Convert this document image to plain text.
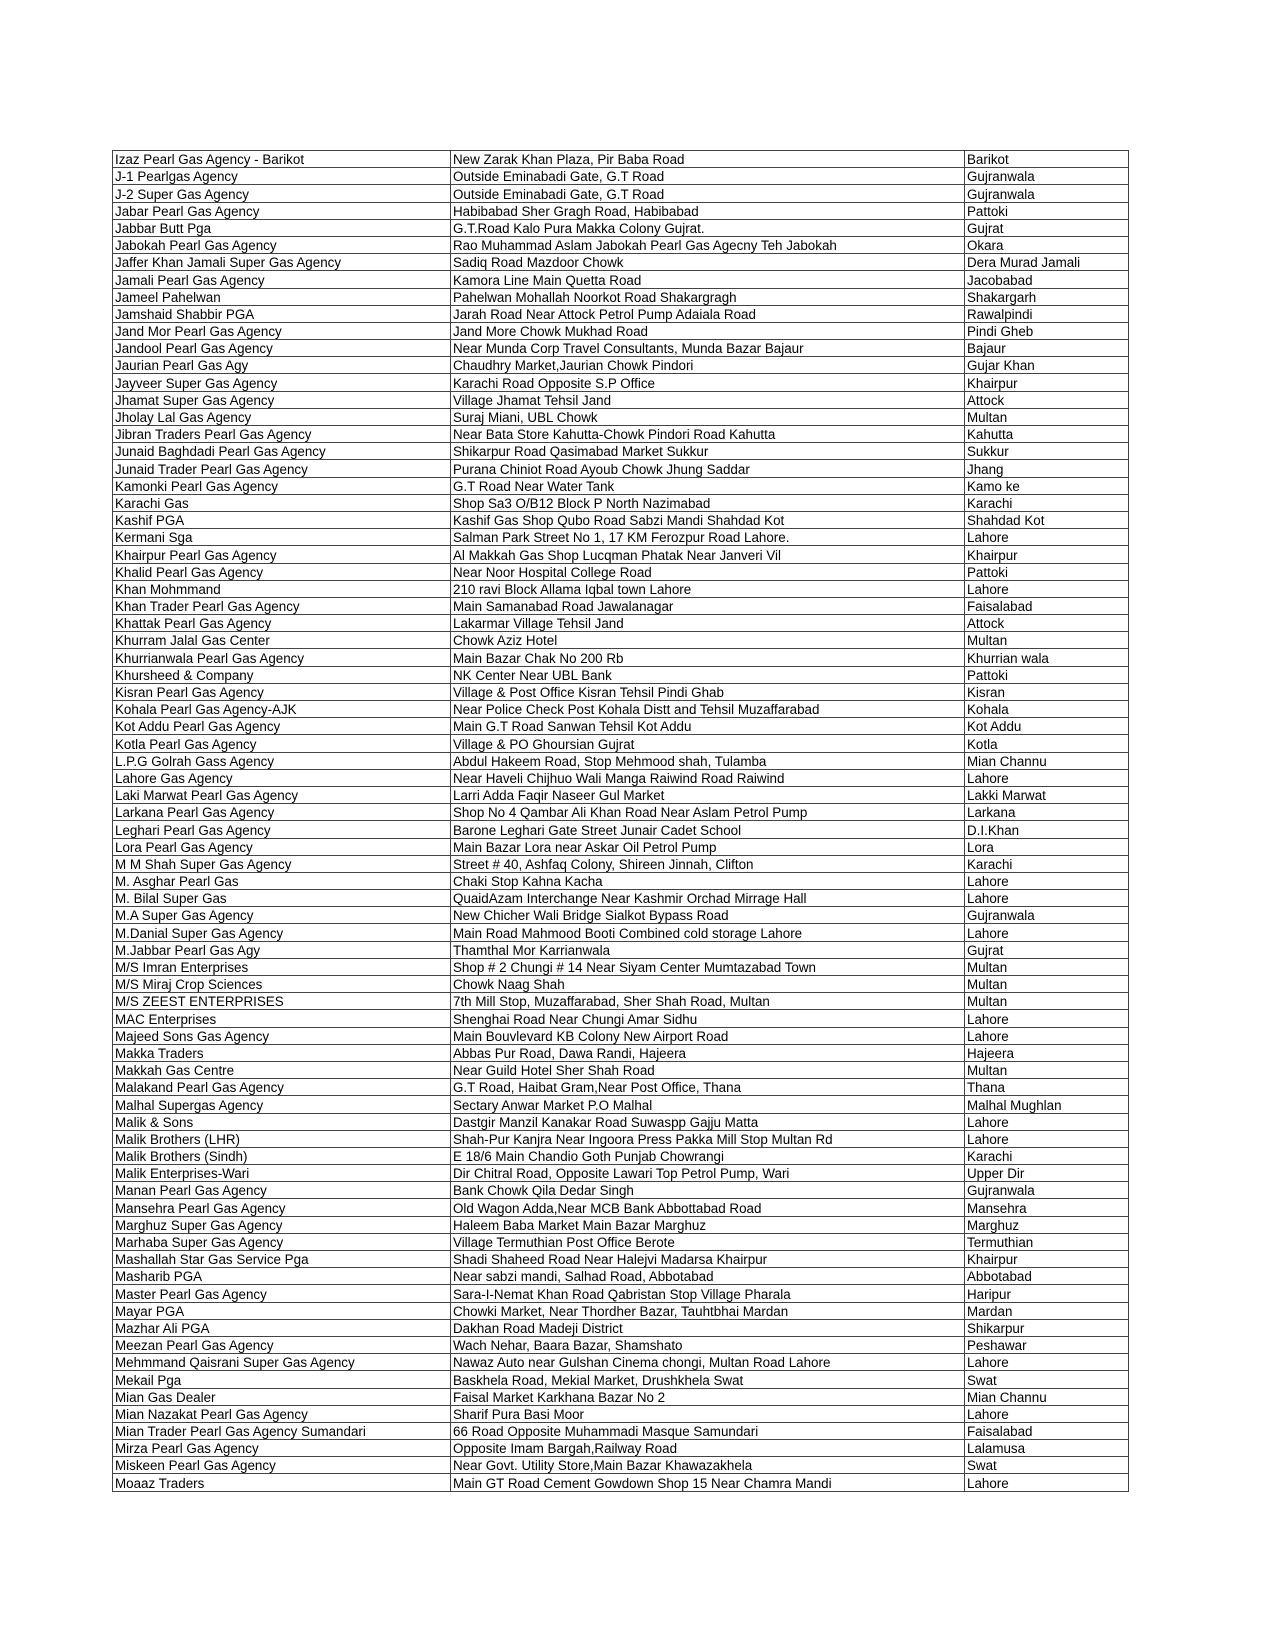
Izaz Pearl Gas Agency - Barikot	New Zarak Khan Plaza, Pir Baba Road	Barikot
J-1 Pearlgas Agency	Outside Eminabadi Gate, G.T Road	Gujranwala
J-2 Super Gas Agency	Outside Eminabadi Gate, G.T Road	Gujranwala
Jabar Pearl Gas Agency	Habibabad Sher Gragh Road, Habibabad	Pattoki
Jabbar Butt Pga	G.T.Road Kalo Pura Makka Colony Gujrat.	Gujrat
Jabokah Pearl Gas Agency	Rao Muhammad Aslam Jabokah Pearl Gas Agecny Teh Jabokah	Okara
Jaffer Khan Jamali Super Gas Agency	Sadiq Road Mazdoor Chowk	Dera Murad Jamali
Jamali Pearl Gas Agency	Kamora Line Main Quetta Road	Jacobabad
Jameel Pahelwan	Pahelwan Mohallah Noorkot Road Shakargragh	Shakargarh
Jamshaid Shabbir PGA	Jarah Road Near Attock Petrol Pump Adaiala Road	Rawalpindi
Jand Mor Pearl Gas Agency	Jand More Chowk Mukhad Road	Pindi Gheb
Jandool Pearl Gas Agency	Near Munda Corp Travel Consultants, Munda Bazar Bajaur	Bajaur
Jaurian Pearl Gas Agy	Chaudhry Market,Jaurian Chowk Pindori	Gujar Khan
Jayveer Super Gas Agency	Karachi Road Opposite S.P Office	Khairpur
Jhamat Super Gas Agency	Village Jhamat Tehsil Jand	Attock
Jholay Lal Gas Agency	Suraj Miani, UBL Chowk	Multan
Jibran Traders Pearl Gas Agency	Near Bata Store Kahutta-Chowk Pindori Road Kahutta	Kahutta
Junaid Baghdadi Pearl Gas Agency	Shikarpur Road Qasimabad Market Sukkur	Sukkur
Junaid Trader Pearl Gas Agency	Purana Chiniot Road Ayoub Chowk Jhung Saddar	Jhang
Kamonki Pearl Gas Agency	G.T Road Near Water Tank	Kamo ke
Karachi Gas	Shop Sa3 O/B12 Block P North Nazimabad	Karachi
Kashif PGA	Kashif Gas Shop Qubo Road Sabzi Mandi Shahdad Kot	Shahdad Kot
Kermani Sga	Salman Park Street No 1, 17 KM Ferozpur Road Lahore.	Lahore
Khairpur Pearl Gas Agency	Al Makkah Gas Shop Lucqman Phatak Near Janveri Vil	Khairpur
Khalid Pearl Gas Agency	Near Noor Hospital College Road	Pattoki
Khan Mohmmand	210 ravi Block Allama Iqbal town Lahore	Lahore
Khan Trader Pearl Gas Agency	Main Samanabad Road Jawalanagar	Faisalabad
Khattak Pearl Gas Agency	Lakarmar Village Tehsil Jand	Attock
Khurram Jalal Gas Center	Chowk Aziz Hotel	Multan
Khurrianwala Pearl Gas Agency	Main Bazar Chak No 200 Rb	Khurrian wala
Khursheed & Company	NK Center Near UBL Bank	Pattoki
Kisran Pearl Gas Agency	Village & Post Office Kisran Tehsil Pindi Ghab	Kisran
Kohala Pearl Gas Agency-AJK	Near Police Check Post Kohala Distt and Tehsil Muzaffarabad	Kohala
Kot Addu Pearl Gas Agency	Main G.T Road Sanwan Tehsil Kot Addu	Kot Addu
Kotla Pearl Gas Agency	Village & PO Ghoursian Gujrat	Kotla
L.P.G Golrah Gass Agency	Abdul Hakeem Road, Stop Mehmood shah, Tulamba	Mian Channu
Lahore Gas Agency	Near Haveli Chijhuo Wali Manga Raiwind Road Raiwind	Lahore
Laki Marwat Pearl Gas Agency	Larri Adda Faqir Naseer Gul Market	Lakki Marwat
Larkana Pearl Gas Agency	Shop No 4 Qambar Ali Khan Road Near Aslam Petrol Pump	Larkana
Leghari Pearl Gas Agency	Barone Leghari Gate Street Junair Cadet School	D.I.Khan
Lora Pearl Gas Agency	Main Bazar Lora near Askar Oil Petrol Pump	Lora
M M Shah Super Gas Agency	Street # 40, Ashfaq Colony, Shireen Jinnah, Clifton	Karachi
M. Asghar Pearl Gas	Chaki Stop Kahna Kacha	Lahore
M. Bilal Super Gas	QuaidAzam Interchange Near Kashmir Orchad Mirrage Hall	Lahore
M.A Super Gas Agency	New Chicher Wali Bridge Sialkot Bypass Road	Gujranwala
M.Danial Super Gas Agency	Main Road Mahmood Booti Combined cold storage Lahore	Lahore
M.Jabbar Pearl Gas Agy	Thamthal Mor Karrianwala	Gujrat
M/S Imran Enterprises	Shop # 2 Chungi # 14 Near Siyam Center Mumtazabad Town	Multan
M/S Miraj Crop Sciences	Chowk Naag Shah	Multan
M/S ZEEST ENTERPRISES	7th Mill Stop, Muzaffarabad, Sher Shah Road, Multan	Multan
MAC Enterprises	Shenghai Road Near Chungi Amar Sidhu	Lahore
Majeed Sons Gas Agency	Main Bouvlevard KB Colony New Airport Road	Lahore
Makka Traders	Abbas Pur Road, Dawa Randi, Hajeera	Hajeera
Makkah Gas Centre	Near Guild Hotel Sher Shah Road	Multan
Malakand Pearl Gas Agency	G.T Road, Haibat Gram,Near Post Office, Thana	Thana
Malhal Supergas Agency	Sectary Anwar Market P.O Malhal	Malhal Mughlan
Malik & Sons	Dastgir Manzil Kanakar Road Suwaspp Gajju Matta	Lahore
Malik Brothers (LHR)	Shah-Pur Kanjra Near Ingoora Press Pakka Mill Stop Multan Rd	Lahore
Malik Brothers (Sindh)	E 18/6 Main Chandio Goth Punjab Chowrangi	Karachi
Malik Enterprises-Wari	Dir Chitral Road, Opposite Lawari Top Petrol Pump, Wari	Upper Dir
Manan Pearl Gas Agency	Bank Chowk Qila Dedar Singh	Gujranwala
Mansehra Pearl Gas Agency	Old Wagon Adda,Near MCB Bank Abbottabad Road	Mansehra
Marghuz Super Gas Agency	Haleem Baba Market Main Bazar Marghuz	Marghuz
Marhaba Super Gas Agency	Village Termuthian Post Office Berote	Termuthian
Mashallah Star Gas Service Pga	Shadi Shaheed Road Near Halejvi Madarsa Khairpur	Khairpur
Masharib PGA	Near sabzi mandi, Salhad Road, Abbotabad	Abbotabad
Master Pearl Gas Agency	Sara-I-Nemat Khan Road Qabristan Stop Village Pharala	Haripur
Mayar PGA	Chowki Market, Near Thordher Bazar, Tauhtbhai Mardan	Mardan
Mazhar Ali PGA	Dakhan Road Madeji District	Shikarpur
Meezan Pearl Gas Agency	Wach Nehar, Baara Bazar, Shamshato	Peshawar
Mehmmand Qaisrani Super Gas Agency	Nawaz Auto near Gulshan Cinema chongi, Multan Road Lahore	Lahore
Mekail Pga	Baskhela Road, Mekial Market, Drushkhela Swat	Swat
Mian Gas Dealer	Faisal Market Karkhana Bazar No 2	Mian Channu
Mian Nazakat Pearl Gas Agency	Sharif Pura Basi Moor	Lahore
Mian Trader Pearl Gas Agency Sumandari	66 Road Opposite Muhammadi Masque Samundari	Faisalabad
Mirza Pearl Gas Agency	Opposite Imam Bargah,Railway Road	Lalamusa
Miskeen Pearl Gas Agency	Near Govt. Utility Store,Main Bazar Khawazakhela	Swat
Moaaz Traders	Main GT Road Cement Gowdown Shop 15 Near Chamra Mandi	Lahore
